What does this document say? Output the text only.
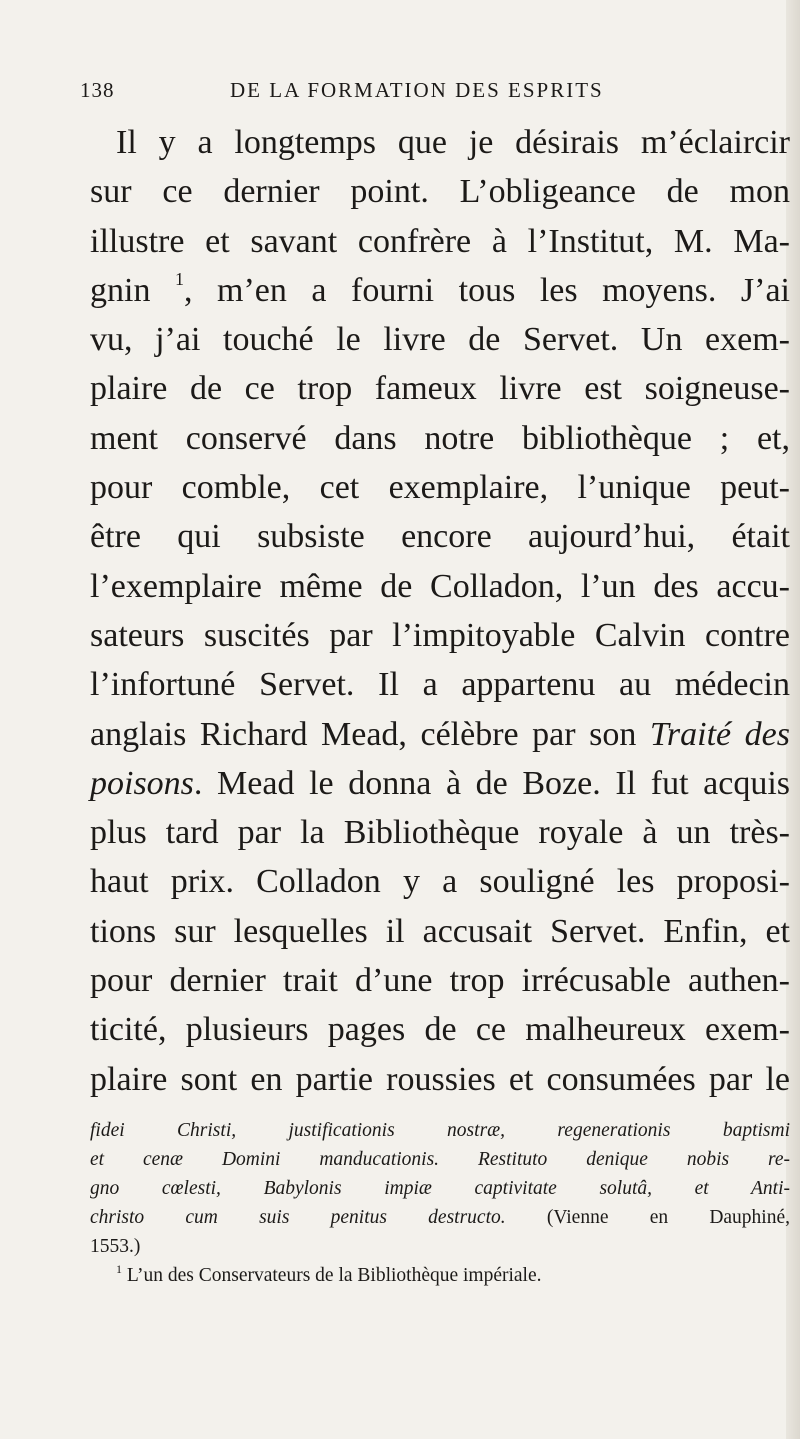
138	DE LA FORMATION DES ESPRITS
Il y a longtemps que je désirais m’éclaircir
sur ce dernier point. L’obligeance de mon
illustre et savant confrère à l’Institut, M. Ma-
gnin $^1$, m’en a fourni tous les moyens. J’ai
vu, j’ai touché le livre de Servet. Un exem-
plaire de ce trop fameux livre est soigneuse-
ment conservé dans notre bibliothèque ; et,
pour comble, cet exemplaire, l’unique peut-
être qui subsiste encore aujourd’hui, était
l’exemplaire même de Colladon, l’un des accu-
sateurs suscités par l’impitoyable Calvin contre
l’infortuné Servet. Il a appartenu au médecin
anglais Richard Mead, célèbre par son Traité des
poisons. Mead le donna à de Boze. Il fut acquis
plus tard par la Bibliothèque royale à un très-
haut prix. Colladon y a souligné les proposi-
tions sur lesquelles il accusait Servet. Enfin, et
pour dernier trait d’une trop irrécusable authen-
ticité, plusieurs pages de ce malheureux exem-
plaire sont en partie roussies et consumées par le
fidei Christi, justificationis nostræ, regenerationis baptismi
et cenæ Domini manducationis. Restituto denique nobis re-
gno cœlesti, Babylonis impiæ captivitate solutâ, et Anti-
christo cum suis penitus destructo. (Vienne en Dauphiné,
1553.)
$^1$ L’un des Conservateurs de la Bibliothèque impériale.
